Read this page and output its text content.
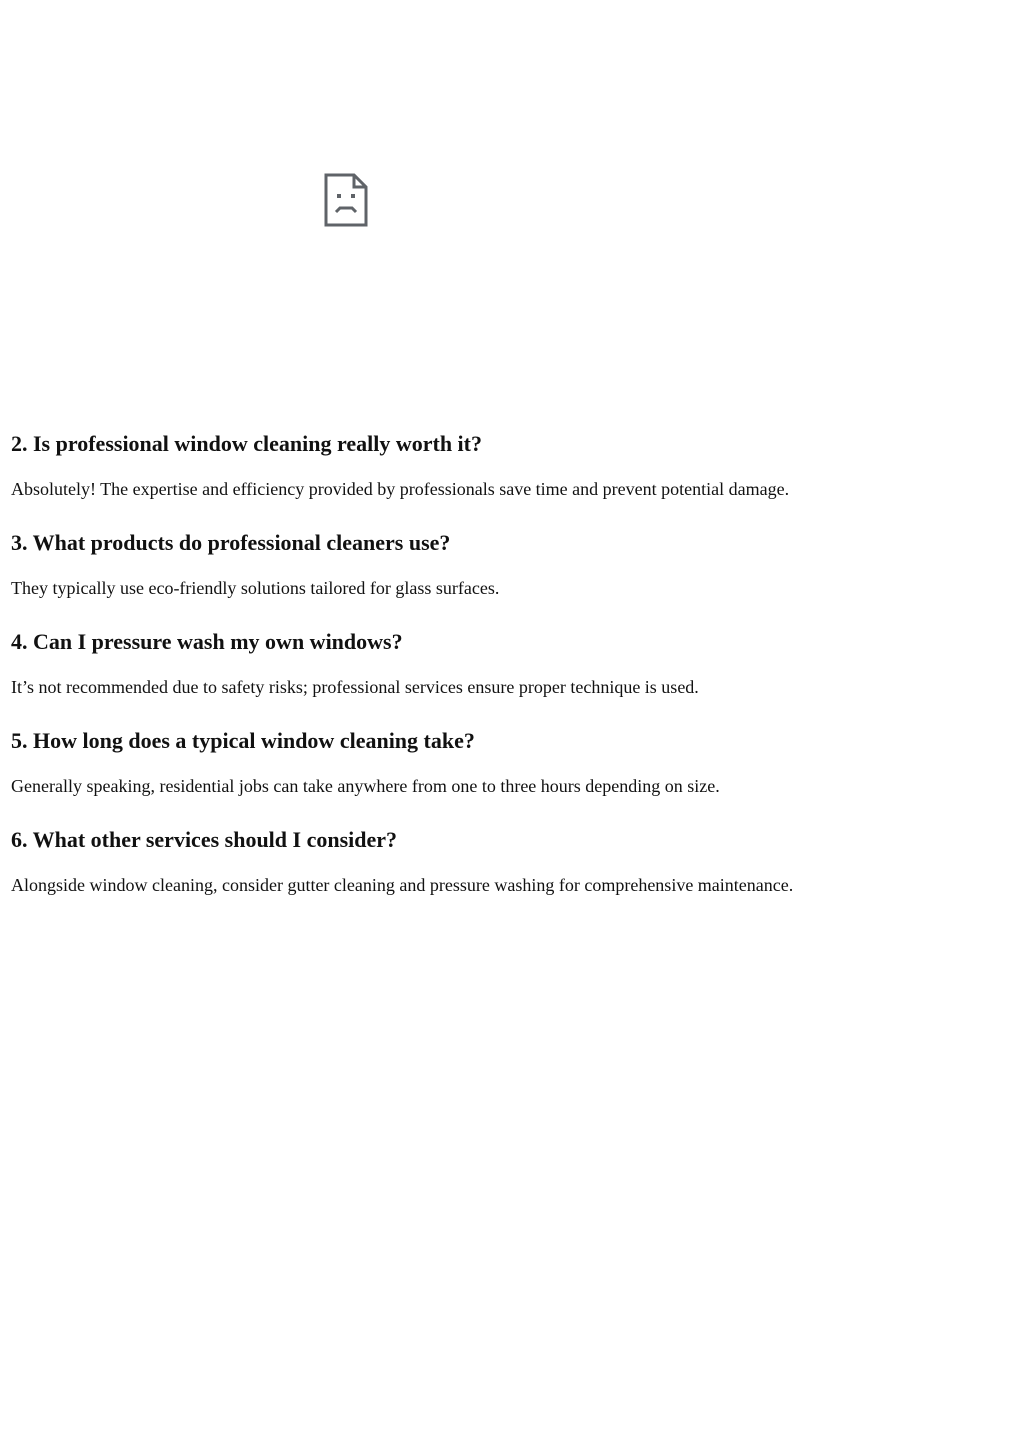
2. Is professional window cleaning really worth it?

Absolutely! The expertise and efficiency provided by professionals save time and prevent potential damage.

3. What products do professional cleaners use?

They typically use eco-friendly solutions tailored for glass surfaces.

4. Can I pressure wash my own windows?

It’s not recommended due to safety risks; professional services ensure proper technique is used.

5. How long does a typical window cleaning take?

Generally speaking, residential jobs can take anywhere from one to three hours depending on size.

6. What other services should I consider?

Alongside window cleaning, consider gutter cleaning and pressure washing for comprehensive maintenance.
